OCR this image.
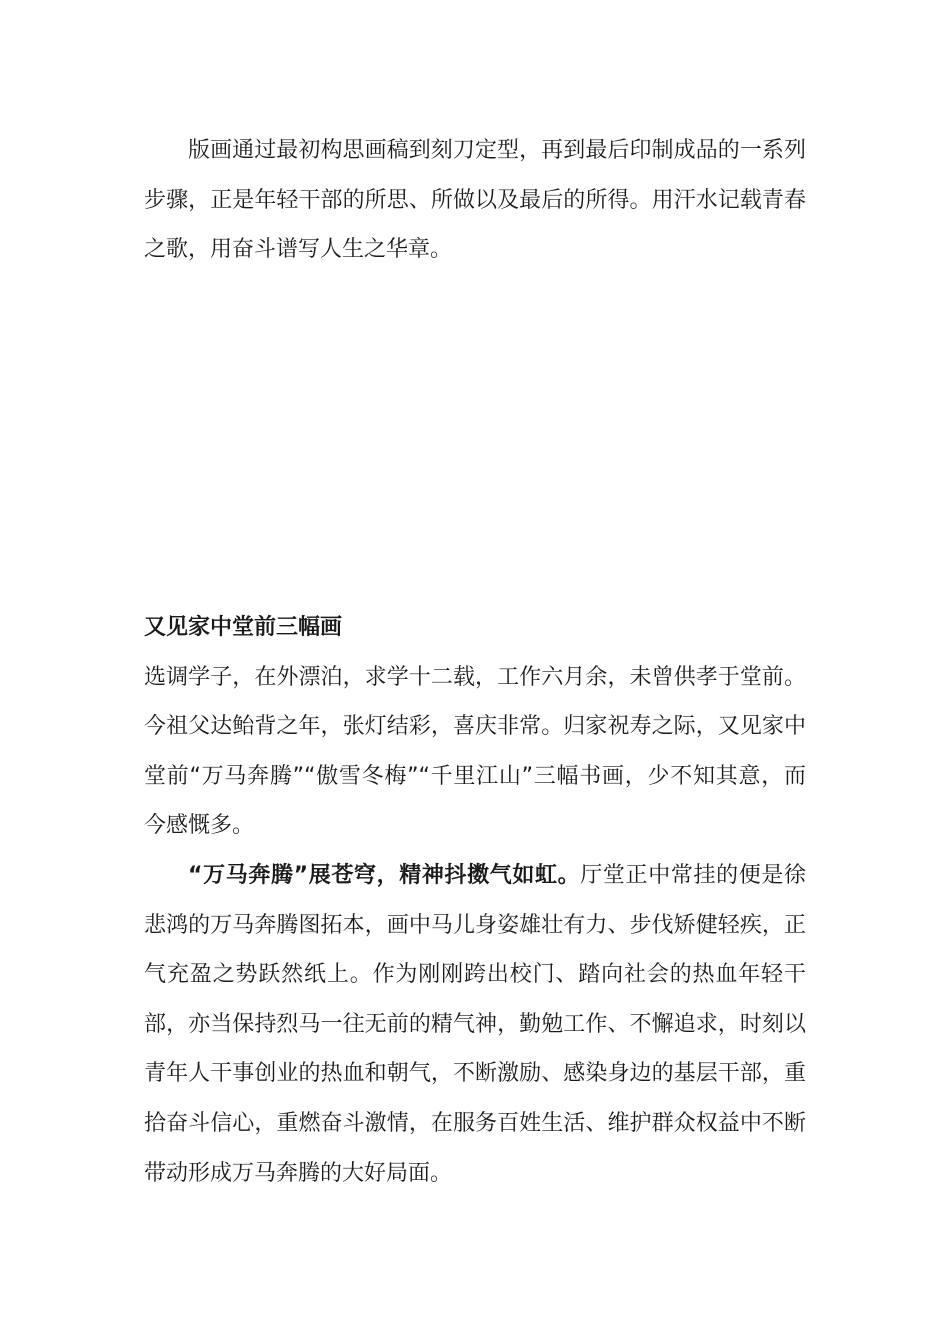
版画通过最初构思画稿到刻刀定型，再到最后印制成品的一系列步骤，正是年轻干部的所思、所做以及最后的所得。用汗水记载青春之歌，用奋斗谱写人生之华章。

又见家中堂前三幅画

选调学子，在外漂泊，求学十二载，工作六月余，未曾供孝于堂前。今祖父达鲐背之年，张灯结彩，喜庆非常。归家祝寿之际，又见家中堂前“万马奔腾”“傲雪冬梅”“千里江山”三幅书画，少不知其意，而今感慨多。

“万马奔腾”展苍穹，精神抖擞气如虹。厅堂正中常挂的便是徐悲鸿的万马奔腾图拓本，画中马儿身姿雄壮有力、步伐矫健轻疾，正气充盈之势跃然纸上。作为刚刚跨出校门、踏向社会的热血年轻干部，亦当保持烈马一往无前的精气神，勤勉工作、不懈追求，时刻以青年人干事创业的热血和朝气，不断激励、感染身边的基层干部，重拾奋斗信心，重燃奋斗激情，在服务百姓生活、维护群众权益中不断带动形成万马奔腾的大好局面。
